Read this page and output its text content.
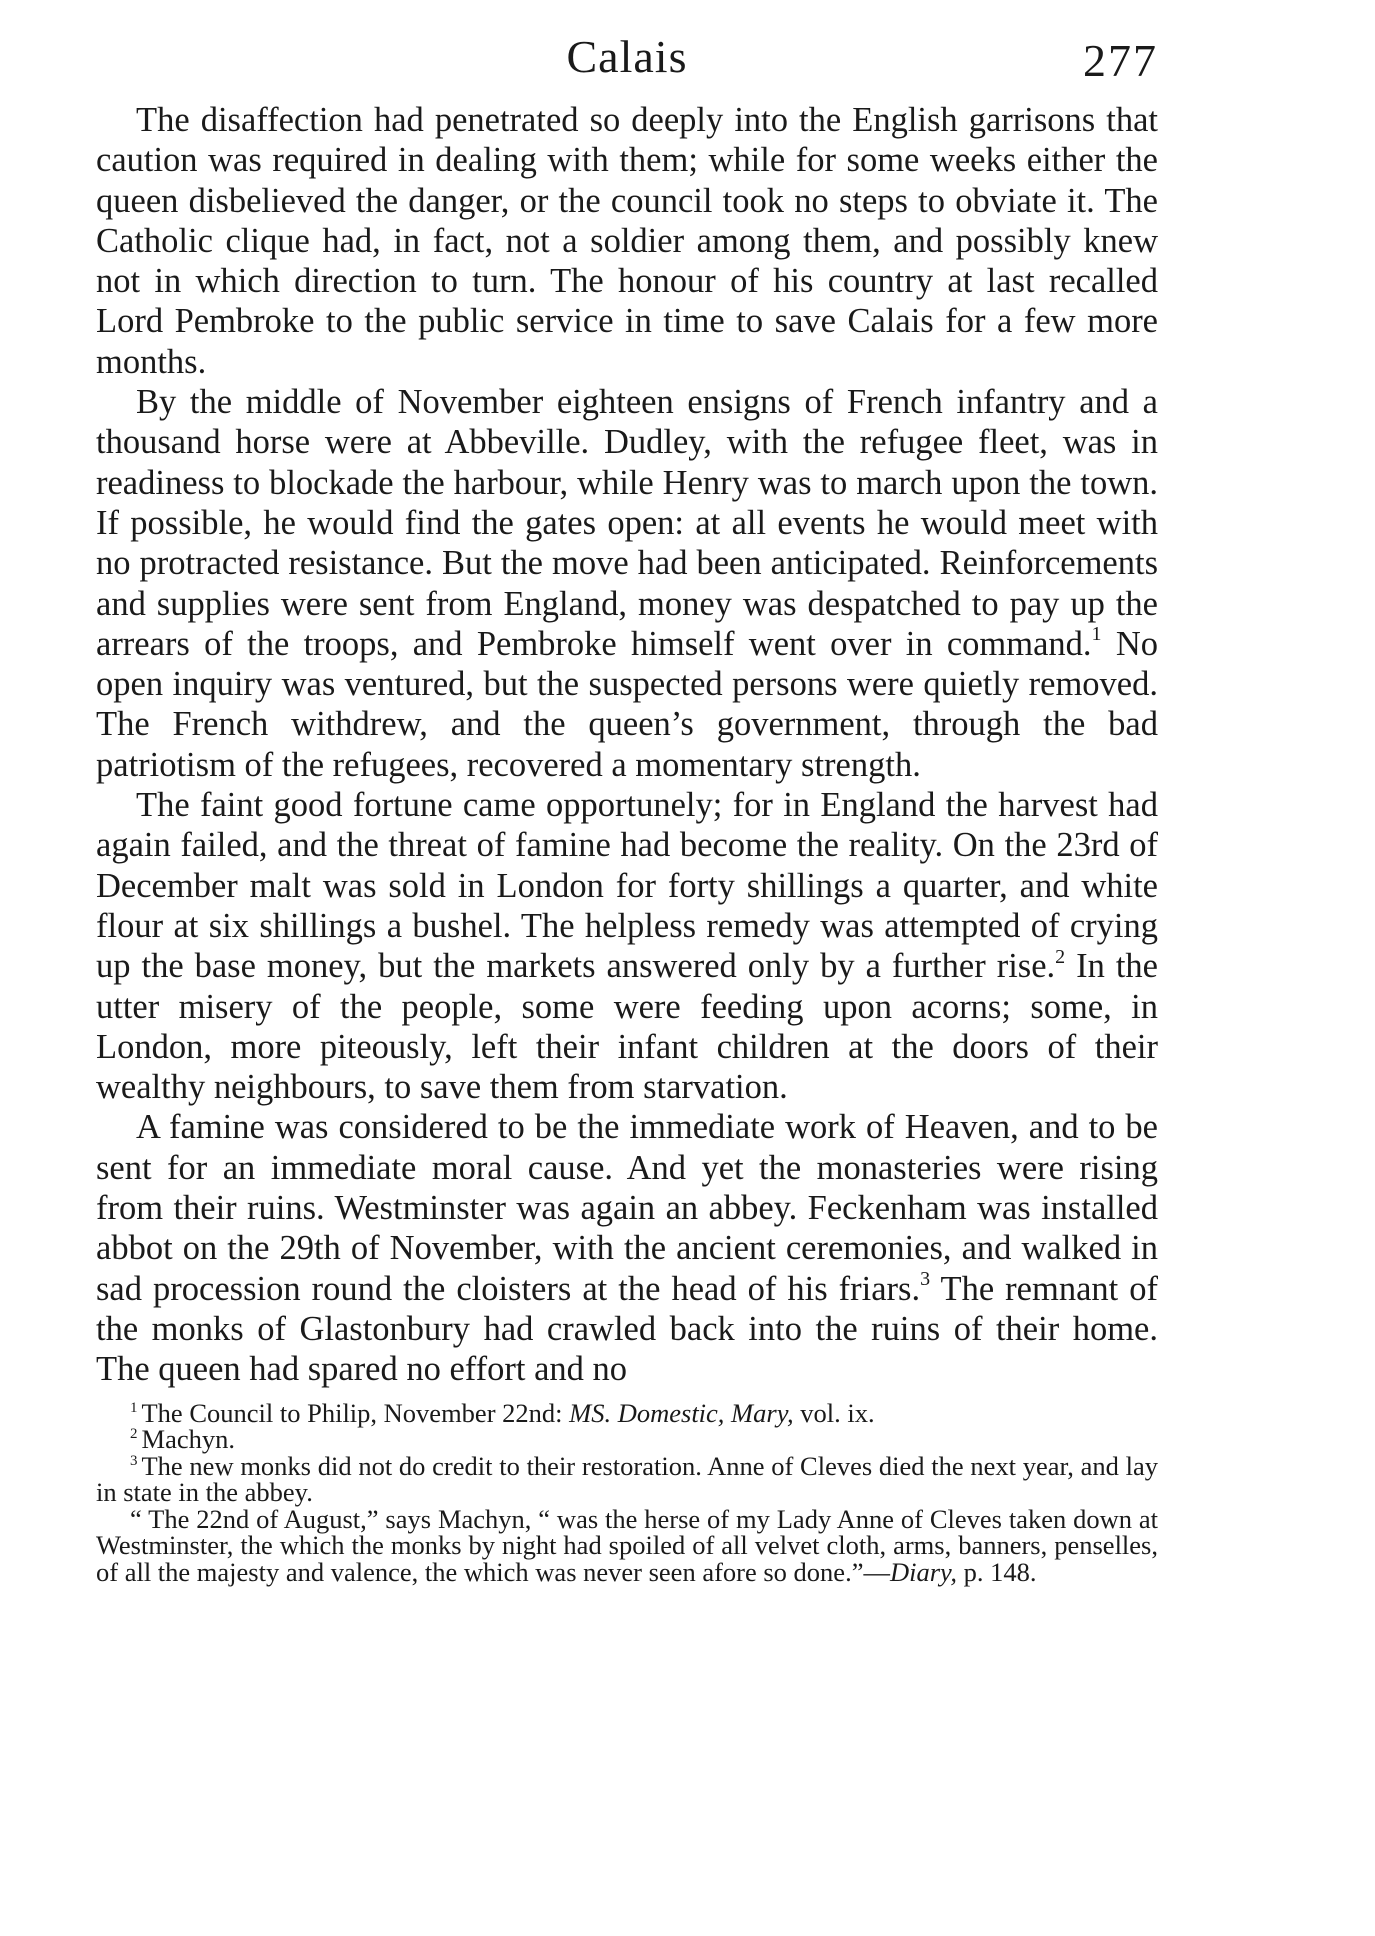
Calais	277

The disaffection had penetrated so deeply into the English garrisons that caution was required in dealing with them; while for some weeks either the queen disbelieved the danger, or the council took no steps to obviate it. The Catholic clique had, in fact, not a soldier among them, and possibly knew not in which direction to turn. The honour of his country at last recalled Lord Pembroke to the public service in time to save Calais for a few more months.

By the middle of November eighteen ensigns of French infantry and a thousand horse were at Abbeville. Dudley, with the refugee fleet, was in readiness to blockade the harbour, while Henry was to march upon the town. If possible, he would find the gates open: at all events he would meet with no protracted resistance. But the move had been anticipated. Reinforcements and supplies were sent from England, money was despatched to pay up the arrears of the troops, and Pembroke himself went over in command.$^1$ No open inquiry was ventured, but the suspected persons were quietly removed. The French withdrew, and the queen’s government, through the bad patriotism of the refugees, recovered a momentary strength.

The faint good fortune came opportunely; for in England the harvest had again failed, and the threat of famine had become the reality. On the 23rd of December malt was sold in London for forty shillings a quarter, and white flour at six shillings a bushel. The helpless remedy was attempted of crying up the base money, but the markets answered only by a further rise.$^2$ In the utter misery of the people, some were feeding upon acorns; some, in London, more piteously, left their infant children at the doors of their wealthy neighbours, to save them from starvation.

A famine was considered to be the immediate work of Heaven, and to be sent for an immediate moral cause. And yet the monasteries were rising from their ruins. Westminster was again an abbey. Feckenham was installed abbot on the 29th of November, with the ancient ceremonies, and walked in sad procession round the cloisters at the head of his friars.$^3$ The remnant of the monks of Glastonbury had crawled back into the ruins of their home. The queen had spared no effort and no

$^1$ The Council to Philip, November 22nd: MS. Domestic, Mary, vol. ix.

$^2$ Machyn.

$^3$ The new monks did not do credit to their restoration. Anne of Cleves died the next year, and lay in state in the abbey.

“ The 22nd of August,” says Machyn, “ was the herse of my Lady Anne of Cleves taken down at Westminster, the which the monks by night had spoiled of all velvet cloth, arms, banners, penselles, of all the majesty and valence, the which was never seen afore so done.”—Diary, p. 148.
